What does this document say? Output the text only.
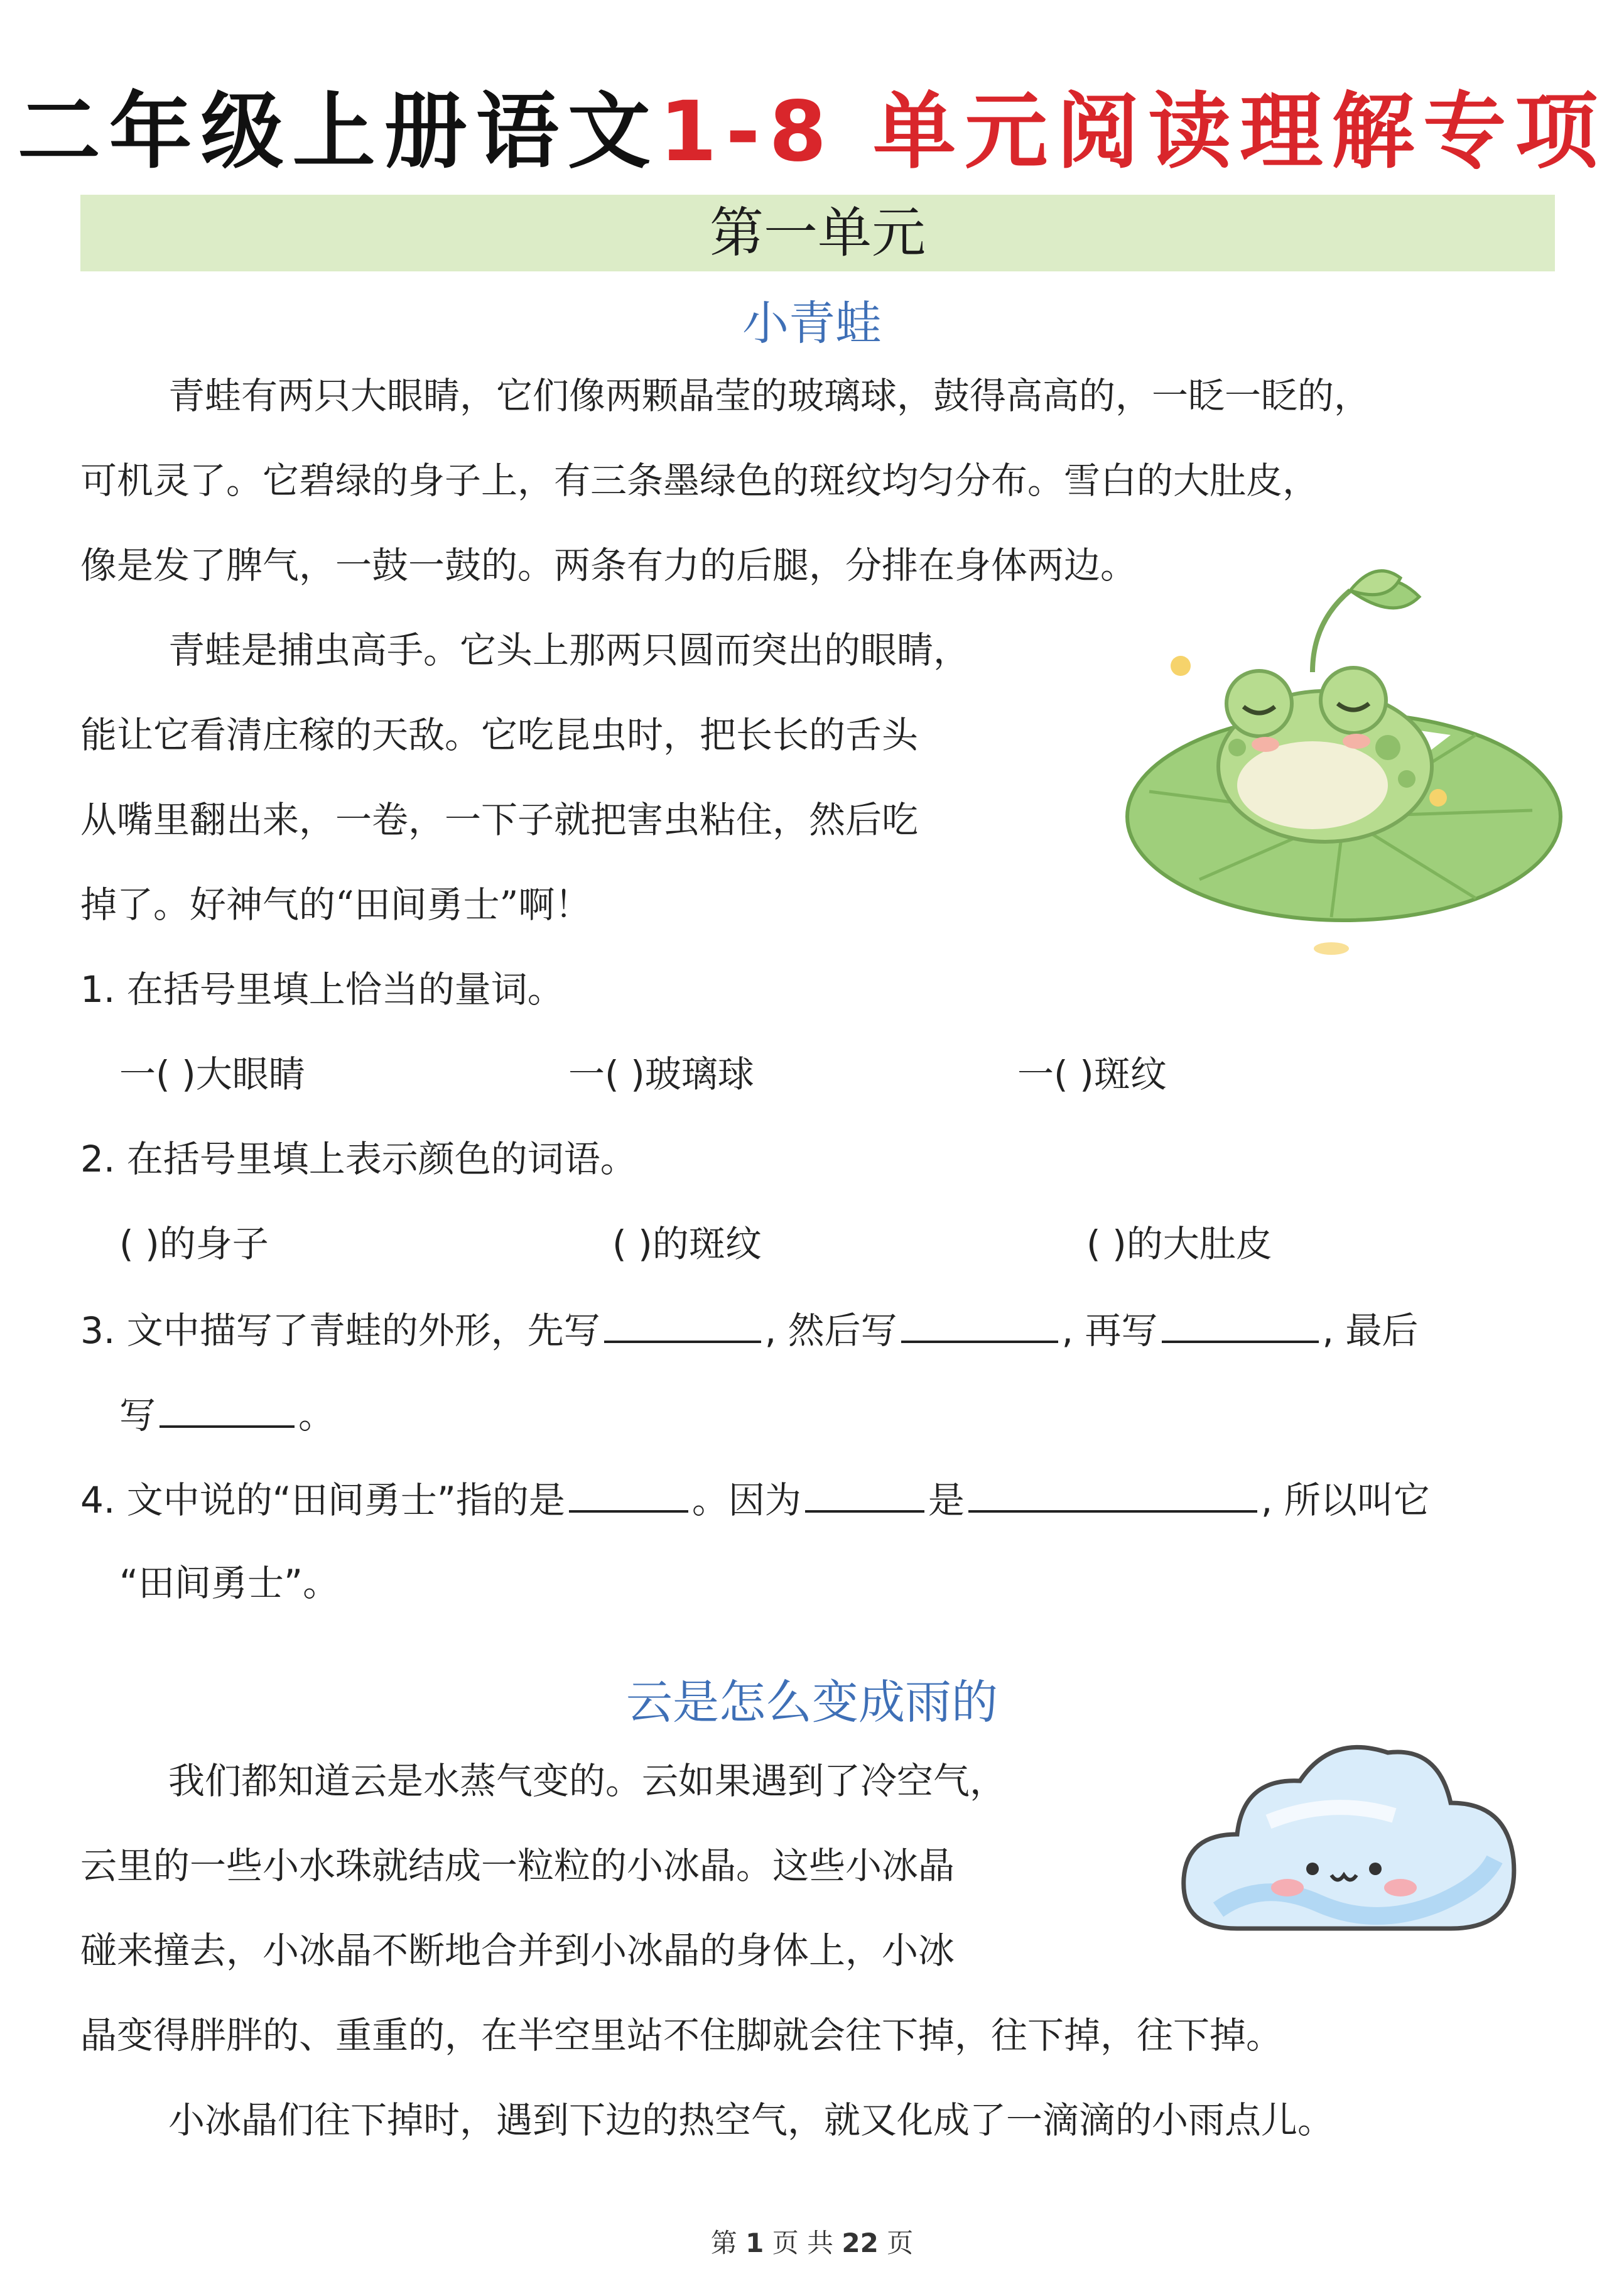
二年级上册语文1-8 单元阅读理解专项
第一单元
小青蛙
青蛙有两只大眼睛，它们像两颗晶莹的玻璃球，鼓得高高的，一眨一眨的，
可机灵了。它碧绿的身子上，有三条墨绿色的斑纹均匀分布。雪白的大肚皮，
像是发了脾气，一鼓一鼓的。两条有力的后腿，分排在身体两边。
青蛙是捕虫高手。它头上那两只圆而突出的眼睛，
能让它看清庄稼的天敌。它吃昆虫时，把长长的舌头
从嘴里翻出来，一卷，一下子就把害虫粘住，然后吃
掉了。好神气的“田间勇士”啊！
1. 在括号里填上恰当的量词。
一( )大眼睛	一( )玻璃球	一( )斑纹
2. 在括号里填上表示颜色的词语。
( )的身子	( )的斑纹	( )的大肚皮
3. 文中描写了青蛙的外形，先写	, 然后写	, 再写	, 最后
写	。
4. 文中说的“田间勇士”指的是	。因为	是	, 所以叫它
“田间勇士”。
云是怎么变成雨的
我们都知道云是水蒸气变的。云如果遇到了冷空气，
云里的一些小水珠就结成一粒粒的小冰晶。这些小冰晶
碰来撞去，小冰晶不断地合并到小冰晶的身体上，小冰
晶变得胖胖的、重重的，在半空里站不住脚就会往下掉，往下掉，往下掉。
小冰晶们往下掉时，遇到下边的热空气，就又化成了一滴滴的小雨点儿。
第 1 页 共 22 页
